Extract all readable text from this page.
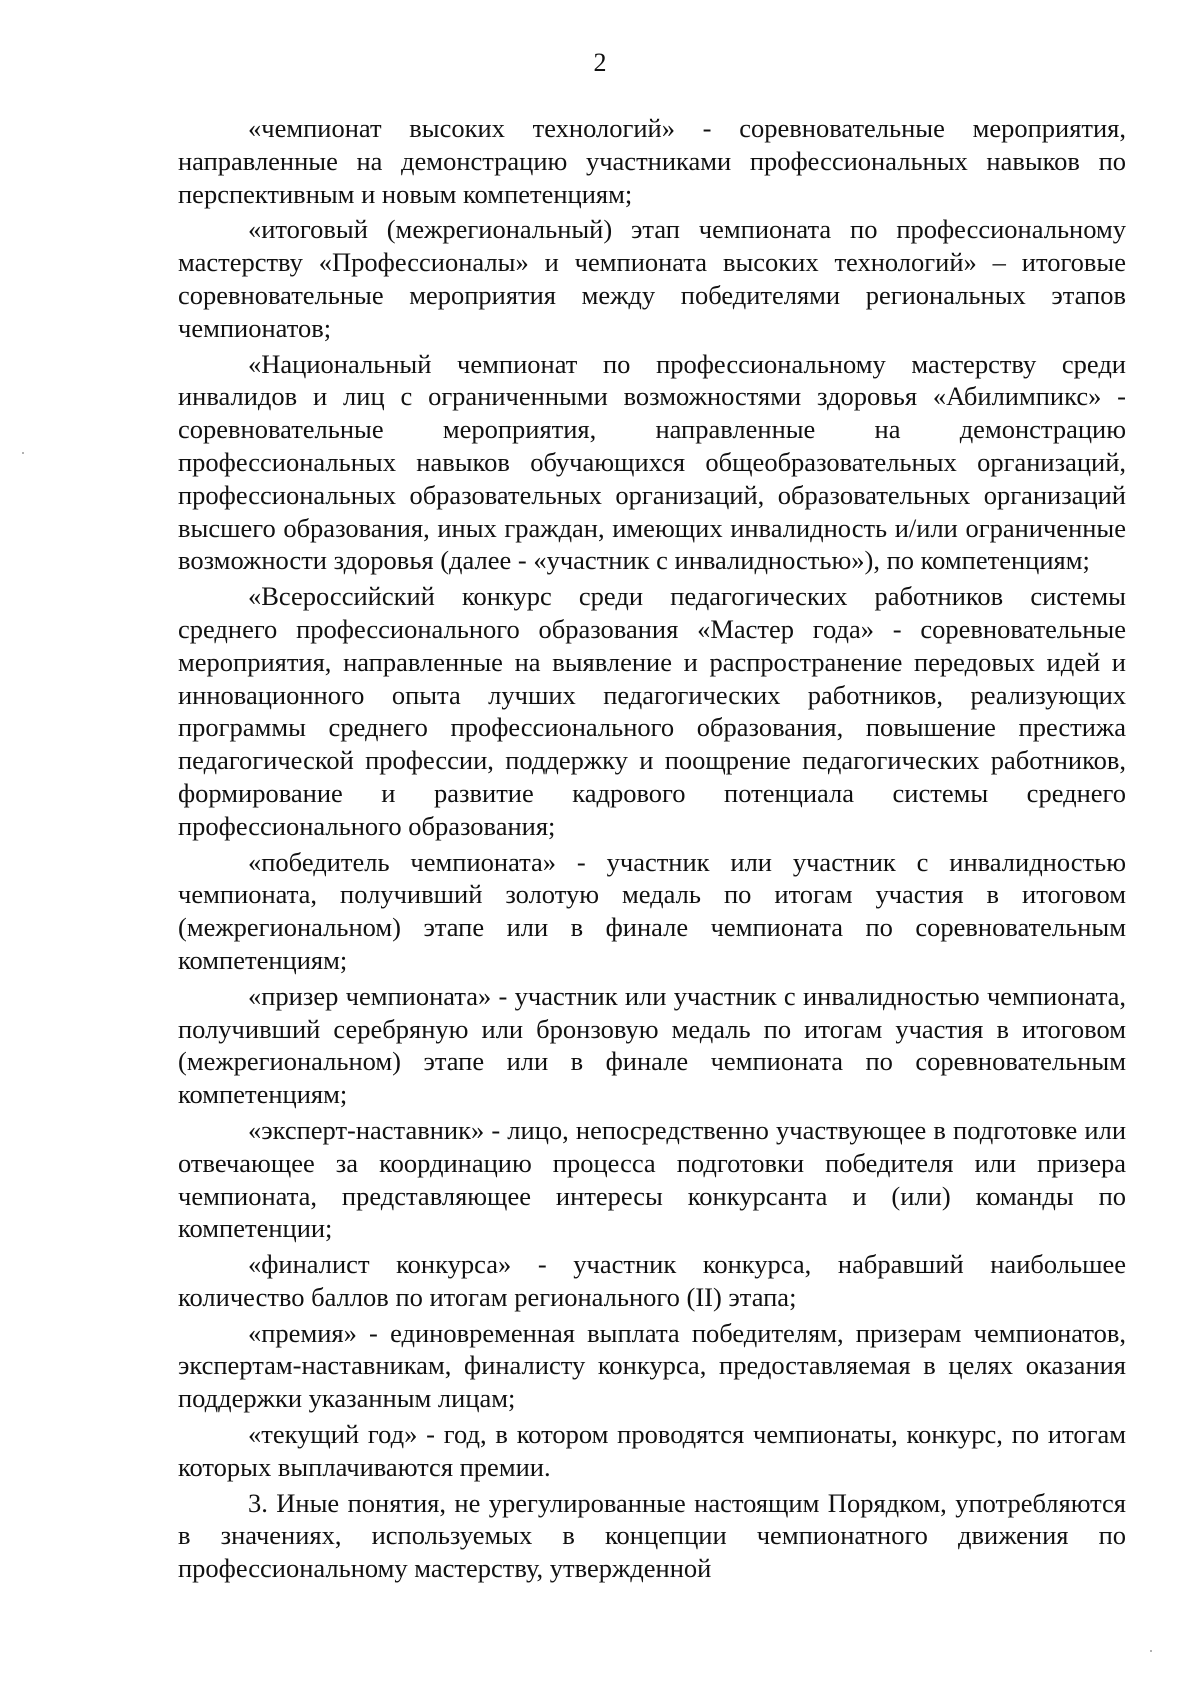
2

«чемпионат высоких технологий» - соревновательные мероприятия, направленные на демонстрацию участниками профессиональных навыков по перспективным и новым компетенциям;

«итоговый (межрегиональный) этап чемпионата по профессиональному мастерству «Профессионалы» и чемпионата высоких технологий» – итоговые соревновательные мероприятия между победителями региональных этапов чемпионатов;

«Национальный чемпионат по профессиональному мастерству среди инвалидов и лиц с ограниченными возможностями здоровья «Абилимпикс» - соревновательные мероприятия, направленные на демонстрацию профессиональных навыков обучающихся общеобразовательных организаций, профессиональных образовательных организаций, образовательных организаций высшего образования, иных граждан, имеющих инвалидность и/или ограниченные возможности здоровья (далее - «участник с инвалидностью»), по компетенциям;

«Всероссийский конкурс среди педагогических работников системы среднего профессионального образования «Мастер года» - соревновательные мероприятия, направленные на выявление и распространение передовых идей и инновационного опыта лучших педагогических работников, реализующих программы среднего профессионального образования, повышение престижа педагогической профессии, поддержку и поощрение педагогических работников, формирование и развитие кадрового потенциала системы среднего профессионального образования;

«победитель чемпионата» - участник или участник с инвалидностью чемпионата, получивший золотую медаль по итогам участия в итоговом (межрегиональном) этапе или в финале чемпионата по соревновательным компетенциям;

«призер чемпионата» - участник или участник с инвалидностью чемпионата, получивший серебряную или бронзовую медаль по итогам участия в итоговом (межрегиональном) этапе или в финале чемпионата по соревновательным компетенциям;

«эксперт-наставник» - лицо, непосредственно участвующее в подготовке или отвечающее за координацию процесса подготовки победителя или призера чемпионата, представляющее интересы конкурсанта и (или) команды по компетенции;

«финалист конкурса» - участник конкурса, набравший наибольшее количество баллов по итогам регионального (II) этапа;

«премия» - единовременная выплата победителям, призерам чемпионатов, экспертам-наставникам, финалисту конкурса, предоставляемая в целях оказания поддержки указанным лицам;

«текущий год» - год, в котором проводятся чемпионаты, конкурс, по итогам которых выплачиваются премии.

3. Иные понятия, не урегулированные настоящим Порядком, употребляются в значениях, используемых в концепции чемпионатного движения по профессиональному мастерству, утвержденной
